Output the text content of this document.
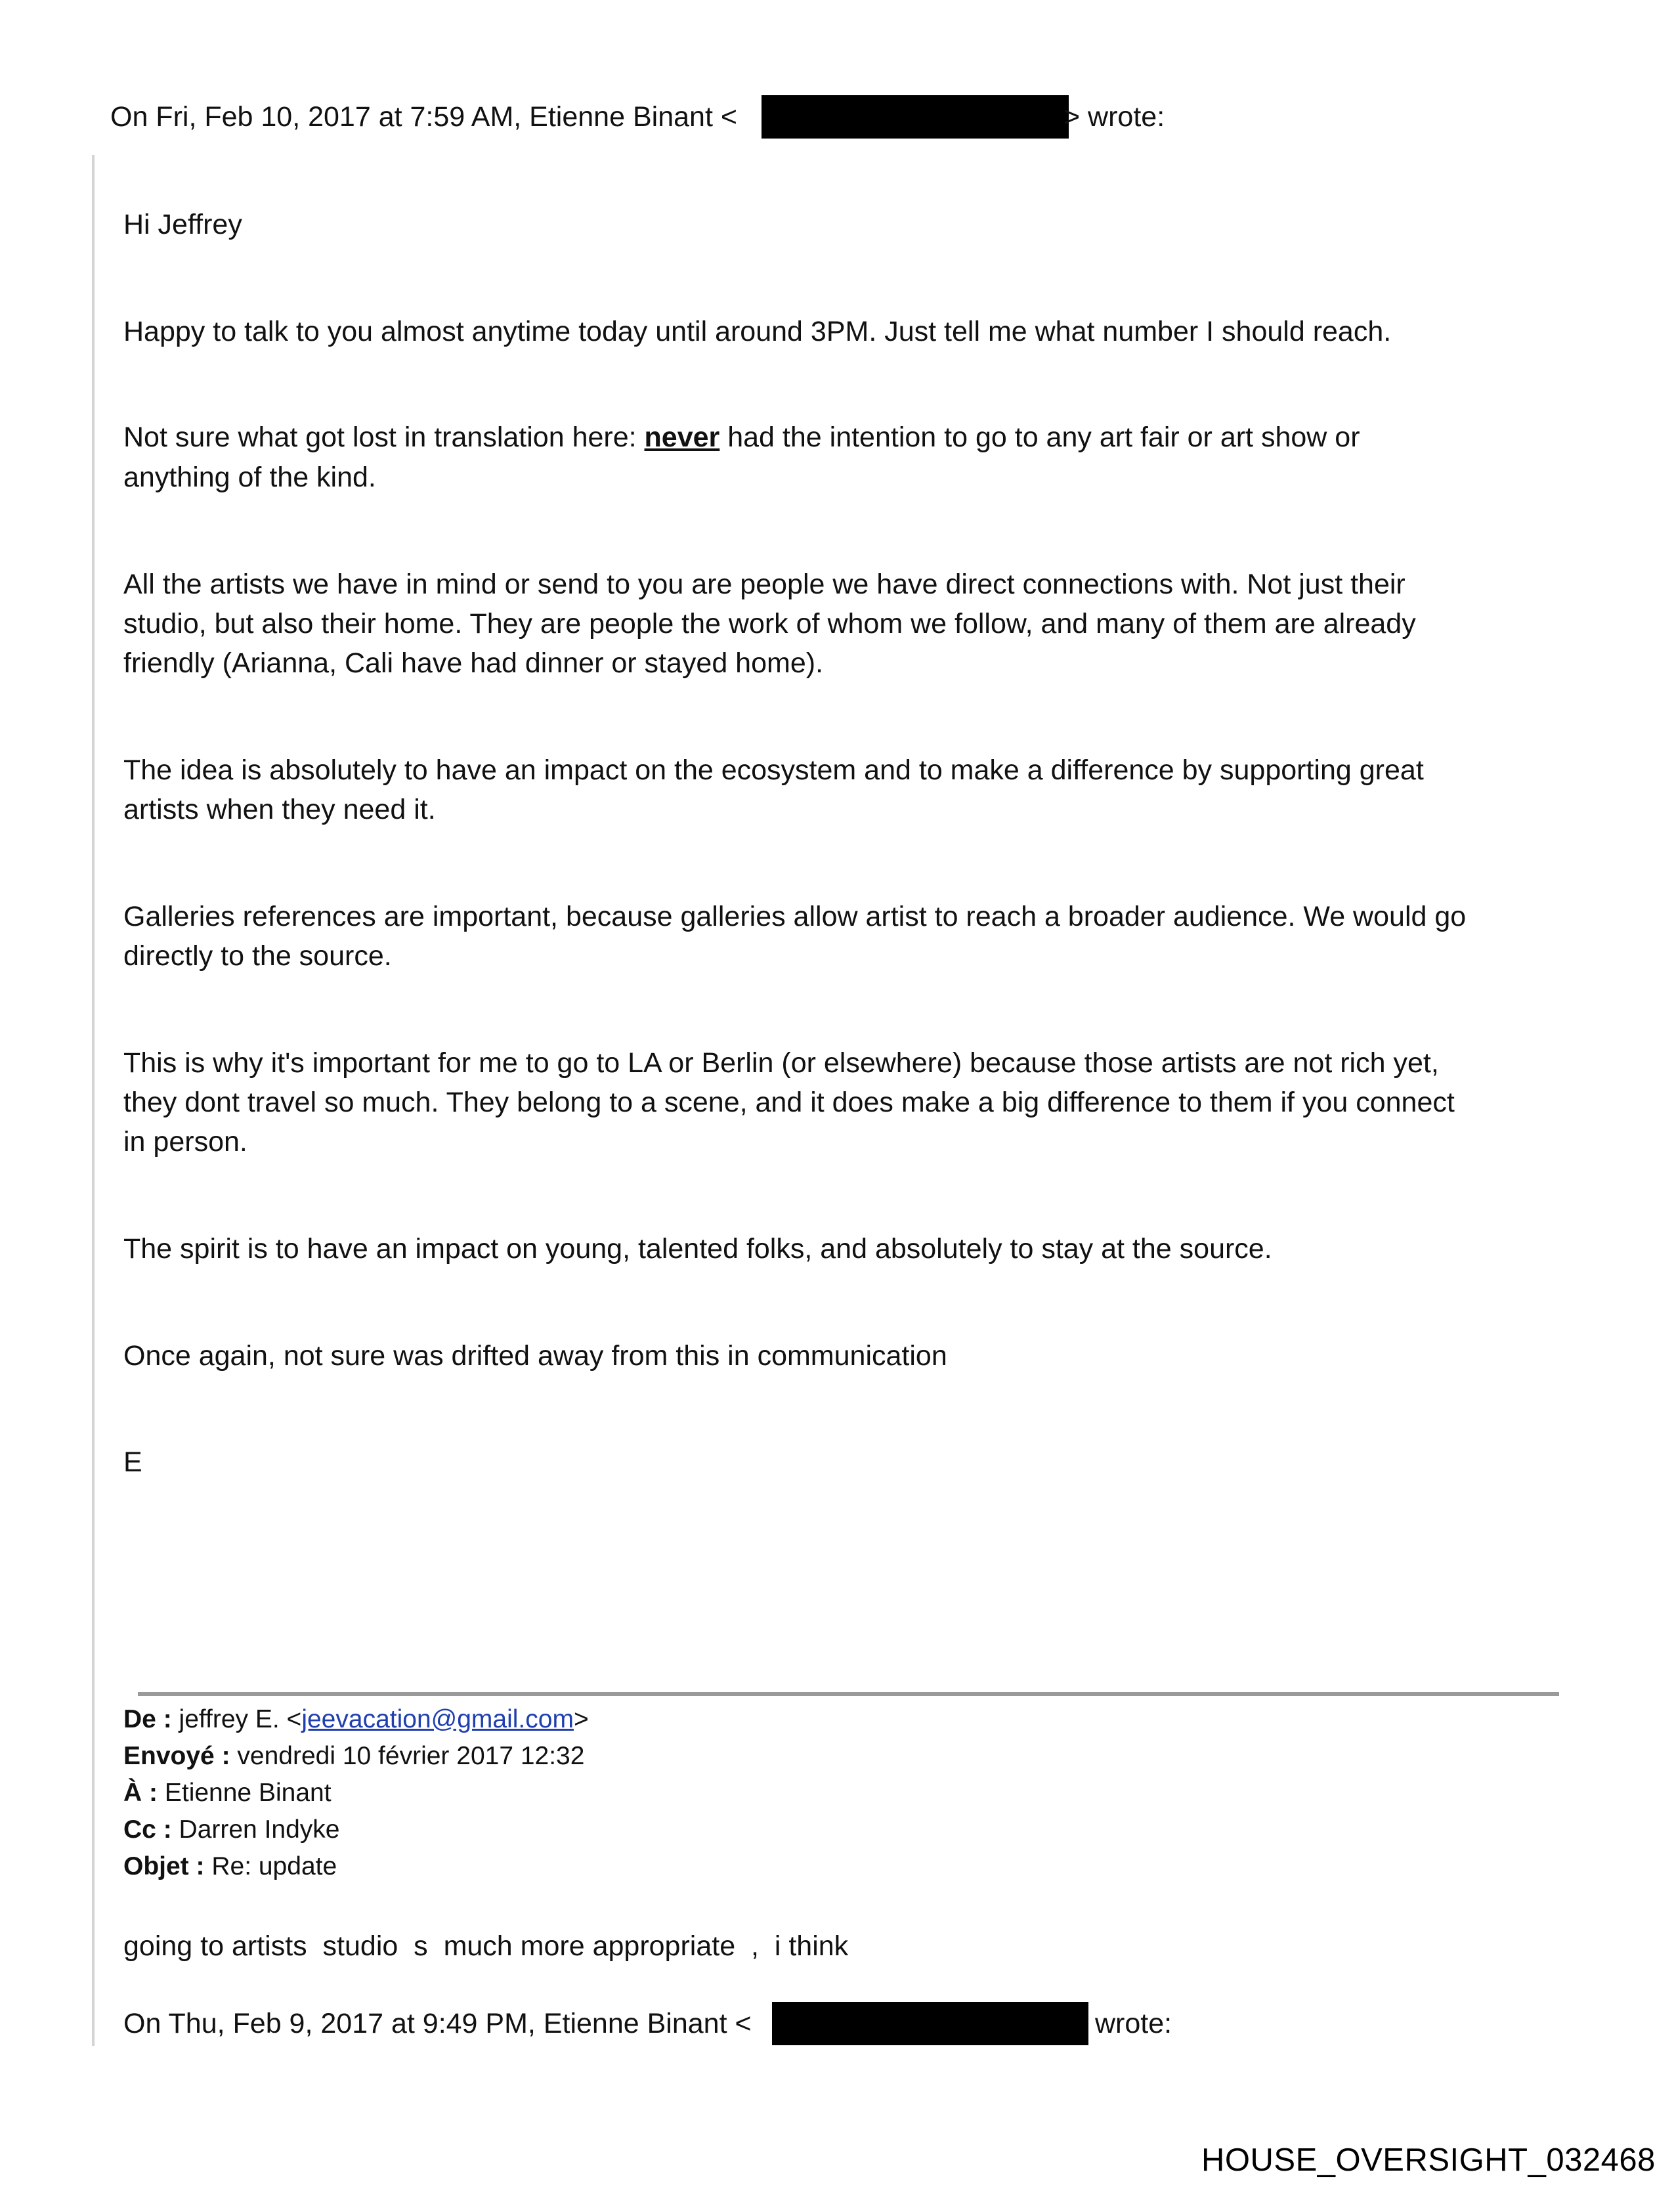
On Fri, Feb 10, 2017 at 7:59 AM, Etienne Binant <	> wrote:
Hi Jeffrey
Happy to talk to you almost anytime today until around 3PM. Just tell me what number I should reach.
Not sure what got lost in translation here: never had the intention to go to any art fair or art show or
anything of the kind.
All the artists we have in mind or send to you are people we have direct connections with. Not just their
studio, but also their home. They are people the work of whom we follow, and many of them are already
friendly (Arianna, Cali have had dinner or stayed home).
The idea is absolutely to have an impact on the ecosystem and to make a difference by supporting great
artists when they need it.
Galleries references are important, because galleries allow artist to reach a broader audience. We would go
directly to the source.
This is why it's important for me to go to LA or Berlin (or elsewhere) because those artists are not rich yet,
they dont travel so much. They belong to a scene, and it does make a big difference to them if you connect
in person.
The spirit is to have an impact on young, talented folks, and absolutely to stay at the source.
Once again, not sure was drifted away from this in communication
E
De : jeffrey E. <jeevacation@gmail.com>
Envoyé : vendredi 10 février 2017 12:32
À : Etienne Binant
Cc : Darren Indyke
Objet : Re: update
going to artists  studio  s  much more appropriate  ,  i think
On Thu, Feb 9, 2017 at 9:49 PM, Etienne Binant <	wrote:
HOUSE_OVERSIGHT_032468
